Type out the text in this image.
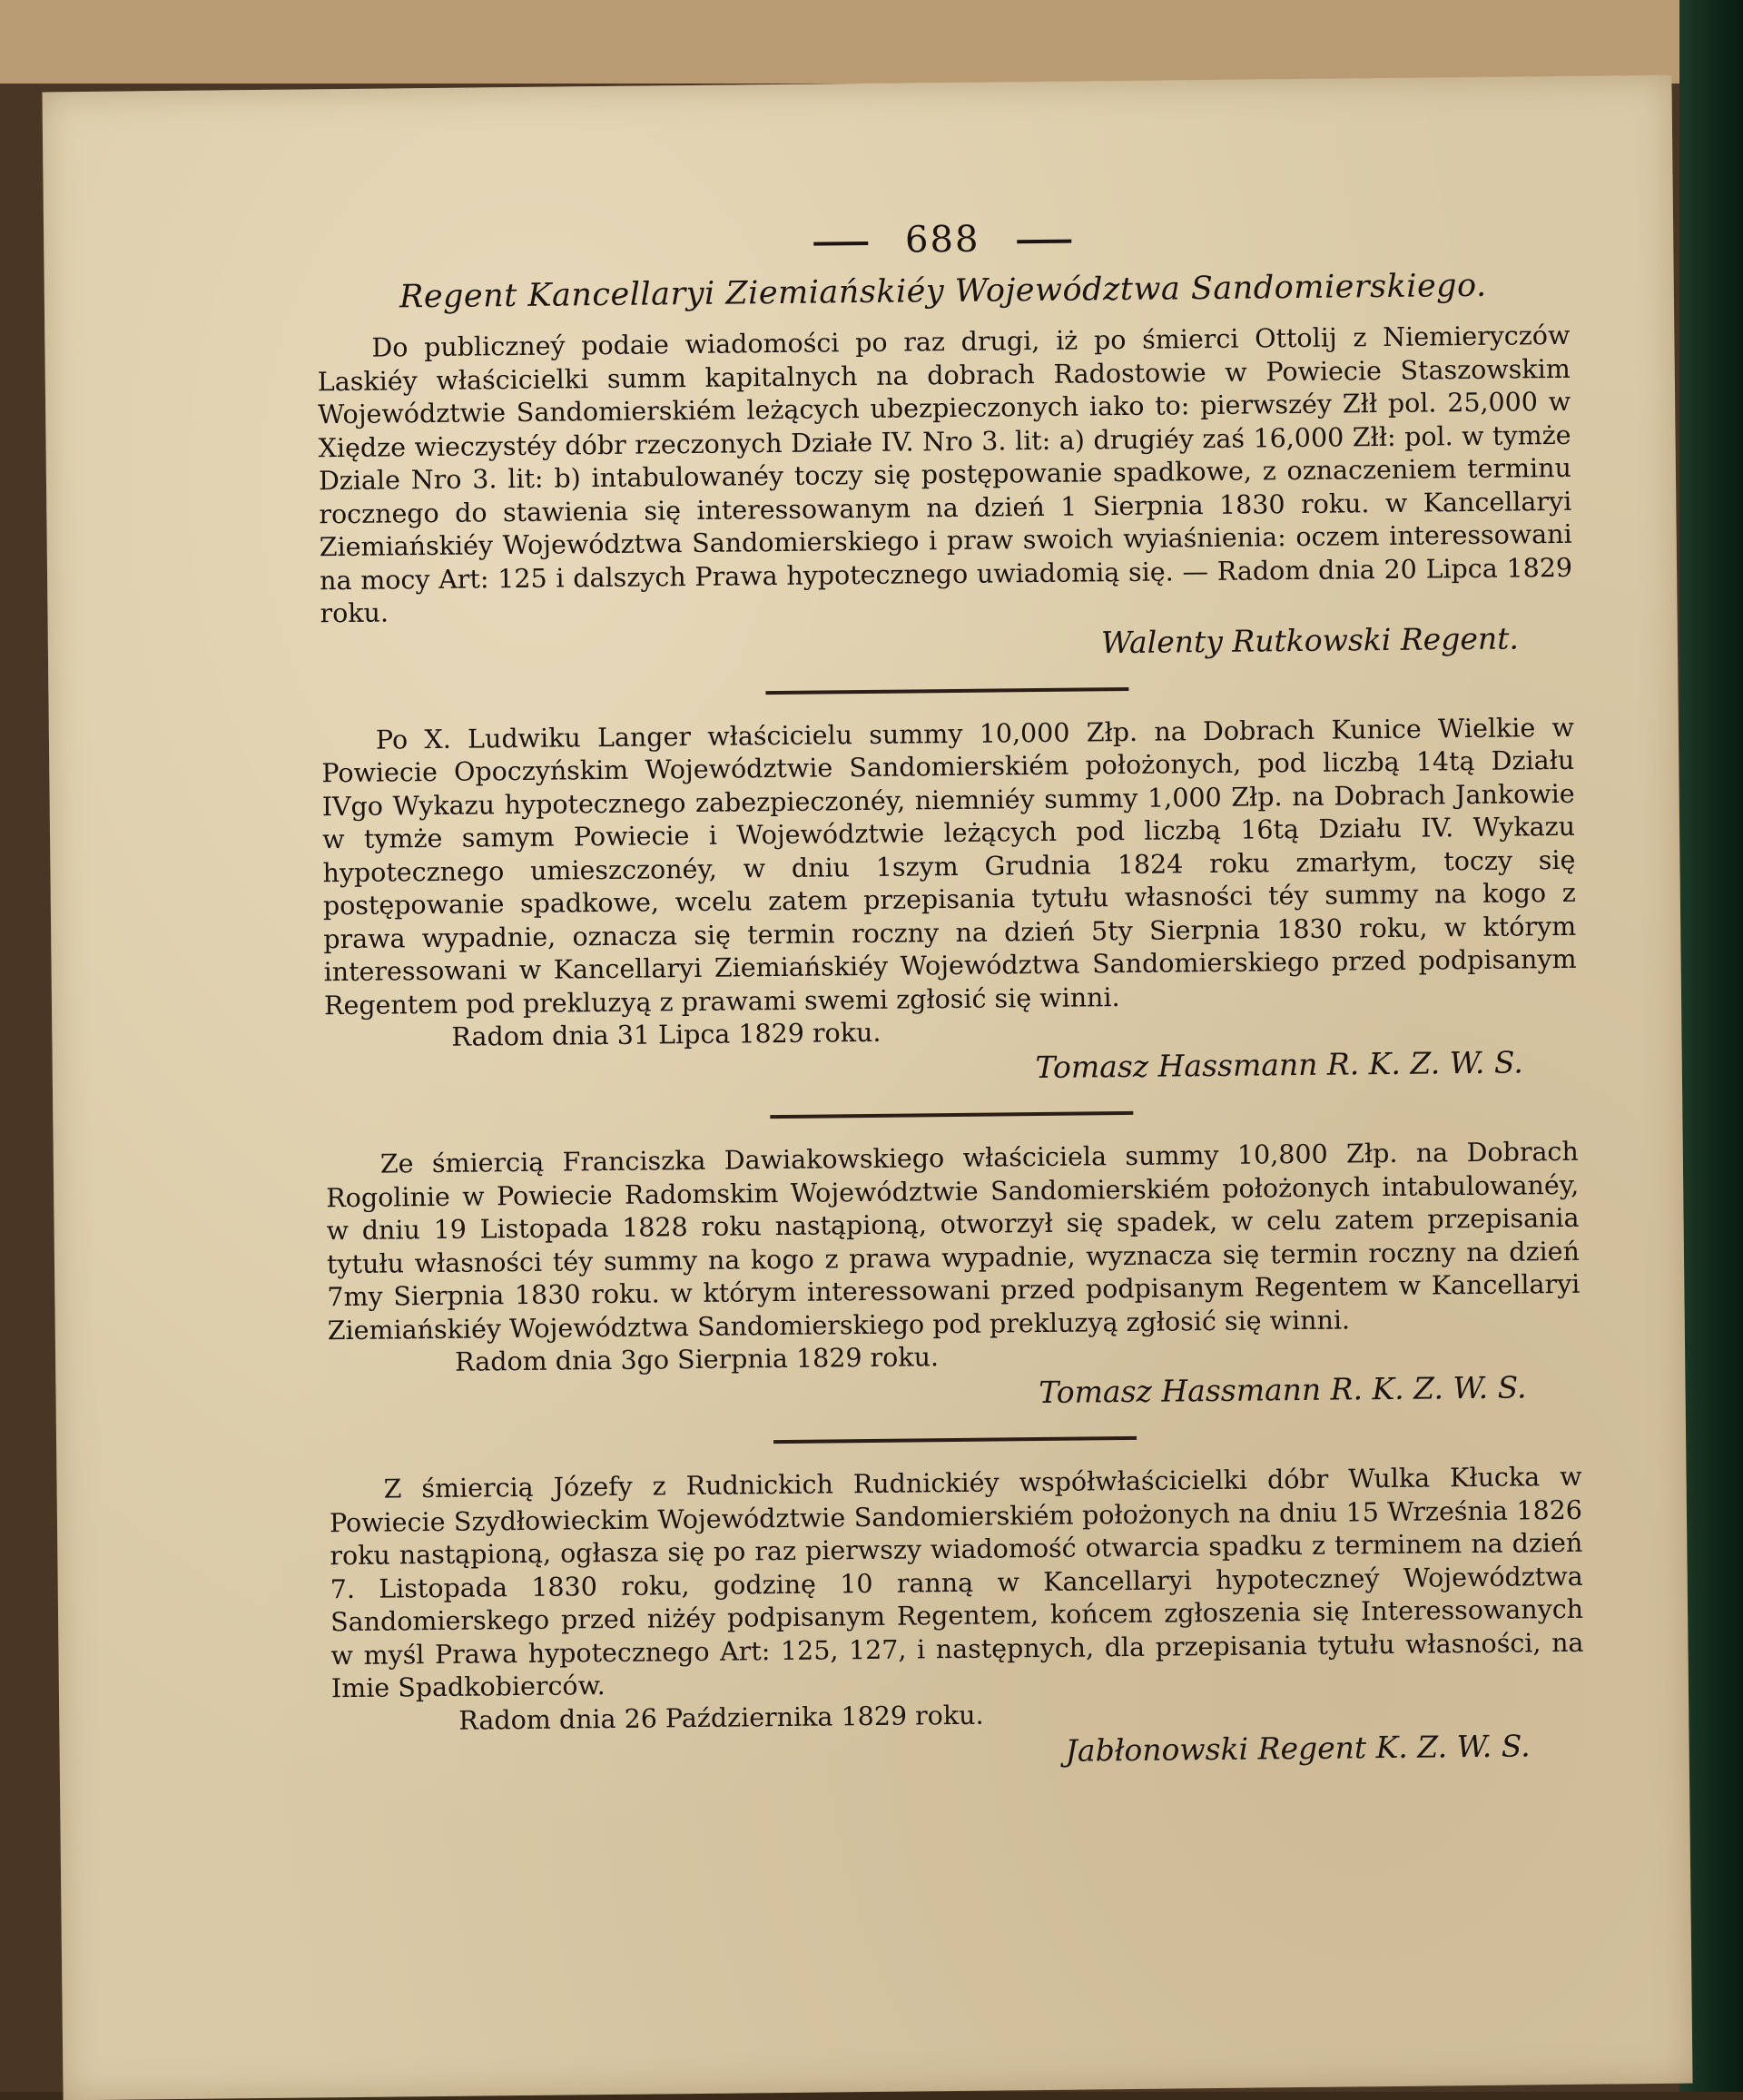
688
Regent Kancellaryi Ziemiańskiéy Województwa Sandomierskiego.

Do publiczneý podaie wiadomości po raz drugi, iż po śmierci Ottolij z Niemieryczów Laskiéy właścicielki summ kapitalnych na dobrach Radostowie w Powiecie Staszowskim Województwie Sandomierskiém leżących ubezpieczonych iako to: pierwszéy Złł pol. 25,000 w Xiędze wieczystéy dóbr rzeczonych Działe IV. Nro 3. lit: a) drugiéy zaś 16,000 Złł: pol. w tymże Dziale Nro 3. lit: b) intabulowanéy toczy się postępowanie spadkowe, z oznaczeniem terminu rocznego do stawienia się interessowanym na dzień 1 Sierpnia 1830 roku. w Kancellaryi Ziemiańskiéy Województwa Sandomierskiego i praw swoich wyiaśnienia: oczem interessowani na mocy Art: 125 i dalszych Prawa hypotecznego uwiadomią się. — Radom dnia 20 Lipca 1829 roku.

Walenty Rutkowski Regent.

Po X. Ludwiku Langer właścicielu summy 10,000 Złp. na Dobrach Kunice Wielkie w Powiecie Opoczyńskim Województwie Sandomierskiém położonych, pod liczbą 14tą Działu IVgo Wykazu hypotecznego zabezpieczonéy, niemniéy summy 1,000 Złp. na Dobrach Jankowie w tymże samym Powiecie i Województwie leżących pod liczbą 16tą Działu IV. Wykazu hypotecznego umieszczonéy, w dniu 1szym Grudnia 1824 roku zmarłym, toczy się postępowanie spadkowe, wcelu zatem przepisania tytułu własności téy summy na kogo z prawa wypadnie, oznacza się termin roczny na dzień 5ty Sierpnia 1830 roku, w którym interessowani w Kancellaryi Ziemiańskiéy Województwa Sandomierskiego przed podpisanym Regentem pod prekluzyą z prawami swemi zgłosić się winni.

Radom dnia 31 Lipca 1829 roku.
Tomasz Hassmann R. K. Z. W. S.

Ze śmiercią Franciszka Dawiakowskiego właściciela summy 10,800 Złp. na Dobrach Rogolinie w Powiecie Radomskim Województwie Sandomierskiém położonych intabulowanéy, w dniu 19 Listopada 1828 roku nastąpioną, otworzył się spadek, w celu zatem przepisania tytułu własności téy summy na kogo z prawa wypadnie, wyznacza się termin roczny na dzień 7my Sierpnia 1830 roku. w którym interessowani przed podpisanym Regentem w Kancellaryi Ziemiańskiéy Województwa Sandomierskiego pod prekluzyą zgłosić się winni.

Radom dnia 3go Sierpnia 1829 roku.
Tomasz Hassmann R. K. Z. W. S.

Z śmiercią Józefy z Rudnickich Rudnickiéy współwłaścicielki dóbr Wulka Kłucka w Powiecie Szydłowieckim Województwie Sandomierskiém położonych na dniu 15 Września 1826 roku nastąpioną, ogłasza się po raz pierwszy wiadomość otwarcia spadku z terminem na dzień 7. Listopada 1830 roku, godzinę 10 ranną w Kancellaryi hypoteczneý Województwa Sandomierskego przed niżéy podpisanym Regentem, końcem zgłoszenia się Interessowanych w myśl Prawa hypotecznego Art: 125, 127, i następnych, dla przepisania tytułu własności, na Imie Spadkobierców.

Radom dnia 26 Października 1829 roku.
Jabłonowski Regent K. Z. W. S.
